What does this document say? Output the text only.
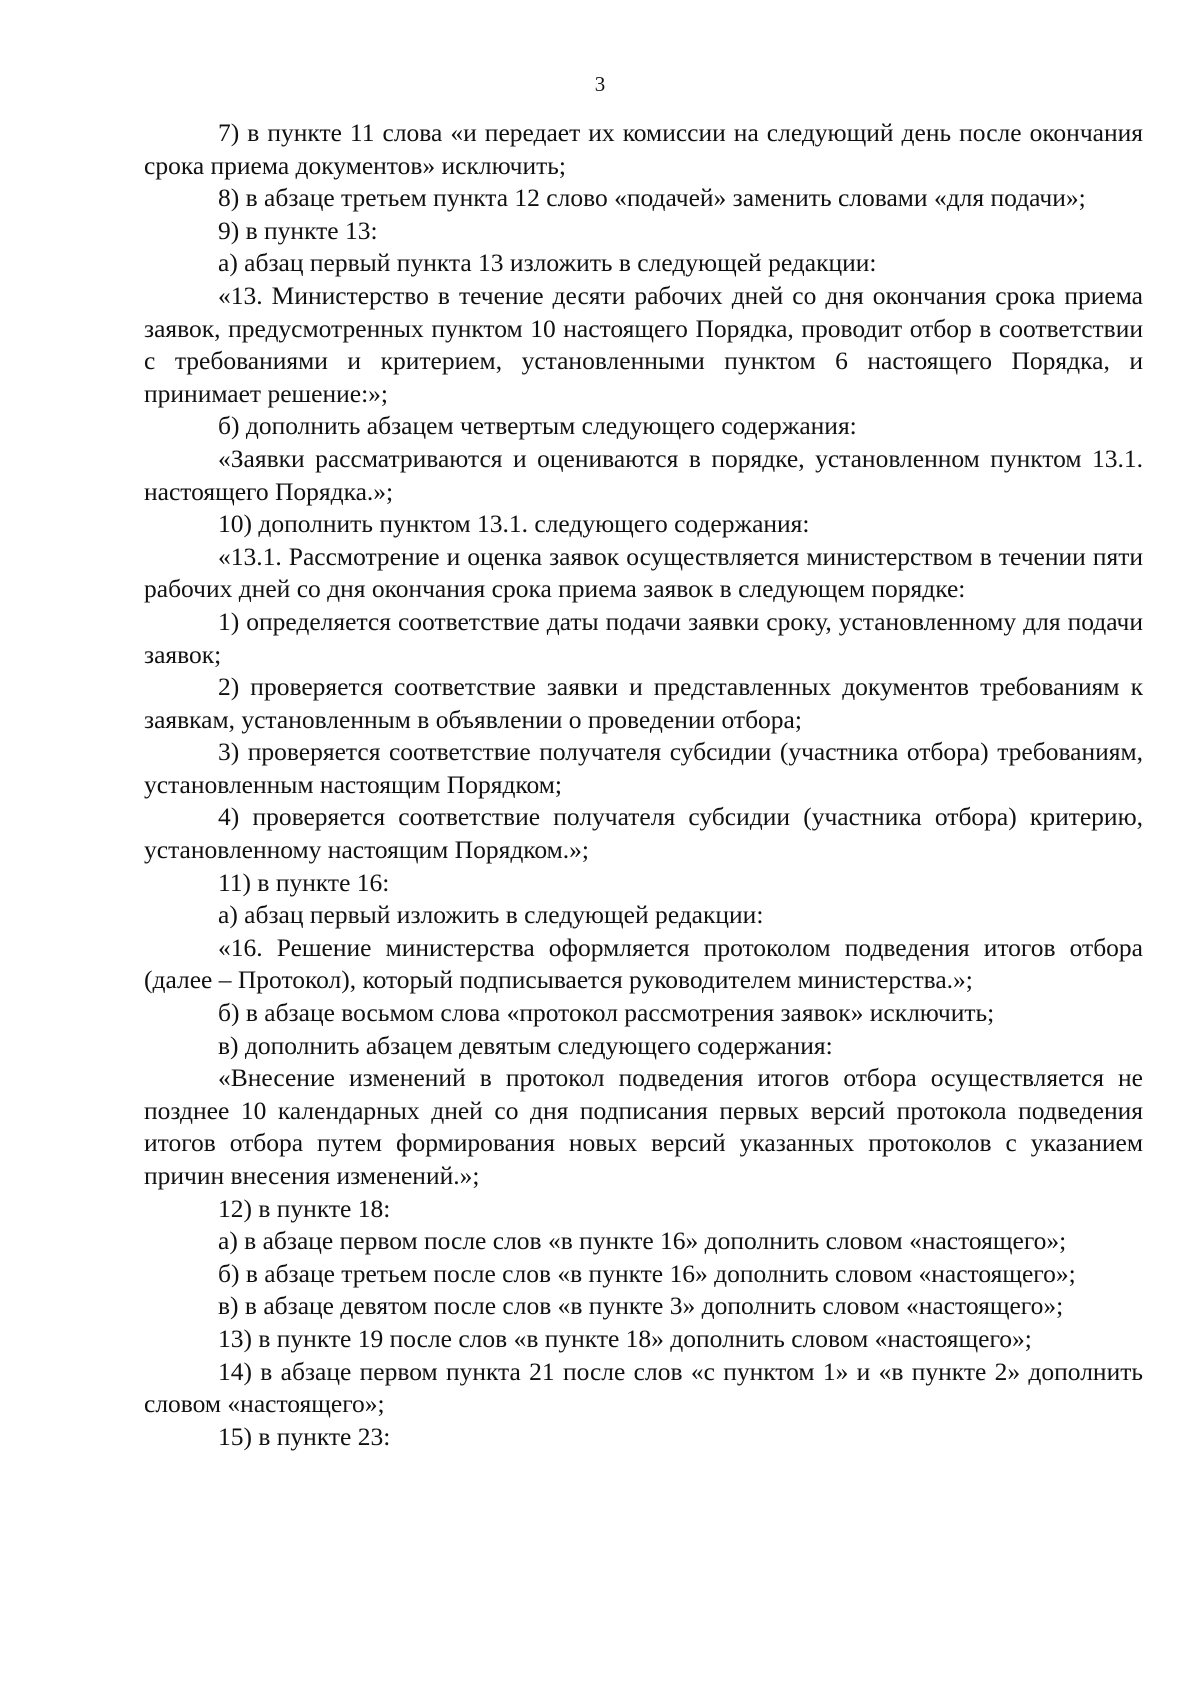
3

7) в пункте 11 слова «и передает их комиссии на следующий день после окончания срока приема документов» исключить;

8) в абзаце третьем пункта 12 слово «подачей» заменить словами «для подачи»;

9) в пункте 13:

а) абзац первый пункта 13 изложить в следующей редакции:

«13. Министерство в течение десяти рабочих дней со дня окончания срока приема заявок, предусмотренных пунктом 10 настоящего Порядка, проводит отбор в соответствии с требованиями и критерием, установленными пунктом 6 настоящего Порядка, и принимает решение:»;

б) дополнить абзацем четвертым следующего содержания:

«Заявки рассматриваются и оцениваются в порядке, установленном пунктом 13.1. настоящего Порядка.»;

10) дополнить пунктом 13.1. следующего содержания:

«13.1. Рассмотрение и оценка заявок осуществляется министерством в течении пяти рабочих дней со дня окончания срока приема заявок в следующем порядке:

1) определяется соответствие даты подачи заявки сроку, установленному для подачи заявок;

2) проверяется соответствие заявки и представленных документов требованиям к заявкам, установленным в объявлении о проведении отбора;

3) проверяется соответствие получателя субсидии (участника отбора) требованиям, установленным настоящим Порядком;

4) проверяется соответствие получателя субсидии (участника отбора) критерию, установленному настоящим Порядком.»;

11) в пункте 16:

а) абзац первый изложить в следующей редакции:

«16. Решение министерства оформляется протоколом подведения итогов отбора (далее – Протокол), который подписывается руководителем министерства.»;

б) в абзаце восьмом слова «протокол рассмотрения заявок» исключить;

в) дополнить абзацем девятым следующего содержания:

«Внесение изменений в протокол подведения итогов отбора осуществляется не позднее 10 календарных дней со дня подписания первых версий протокола подведения итогов отбора путем формирования новых версий указанных протоколов с указанием причин внесения изменений.»;

12) в пункте 18:

а) в абзаце первом после слов «в пункте 16» дополнить словом «настоящего»;

б) в абзаце третьем после слов «в пункте 16» дополнить словом «настоящего»;

в) в абзаце девятом после слов «в пункте 3» дополнить словом «настоящего»;

13) в пункте 19 после слов «в пункте 18» дополнить словом «настоящего»;

14) в абзаце первом пункта 21 после слов «с пунктом 1» и «в пункте 2» дополнить словом «настоящего»;

15) в пункте 23:
